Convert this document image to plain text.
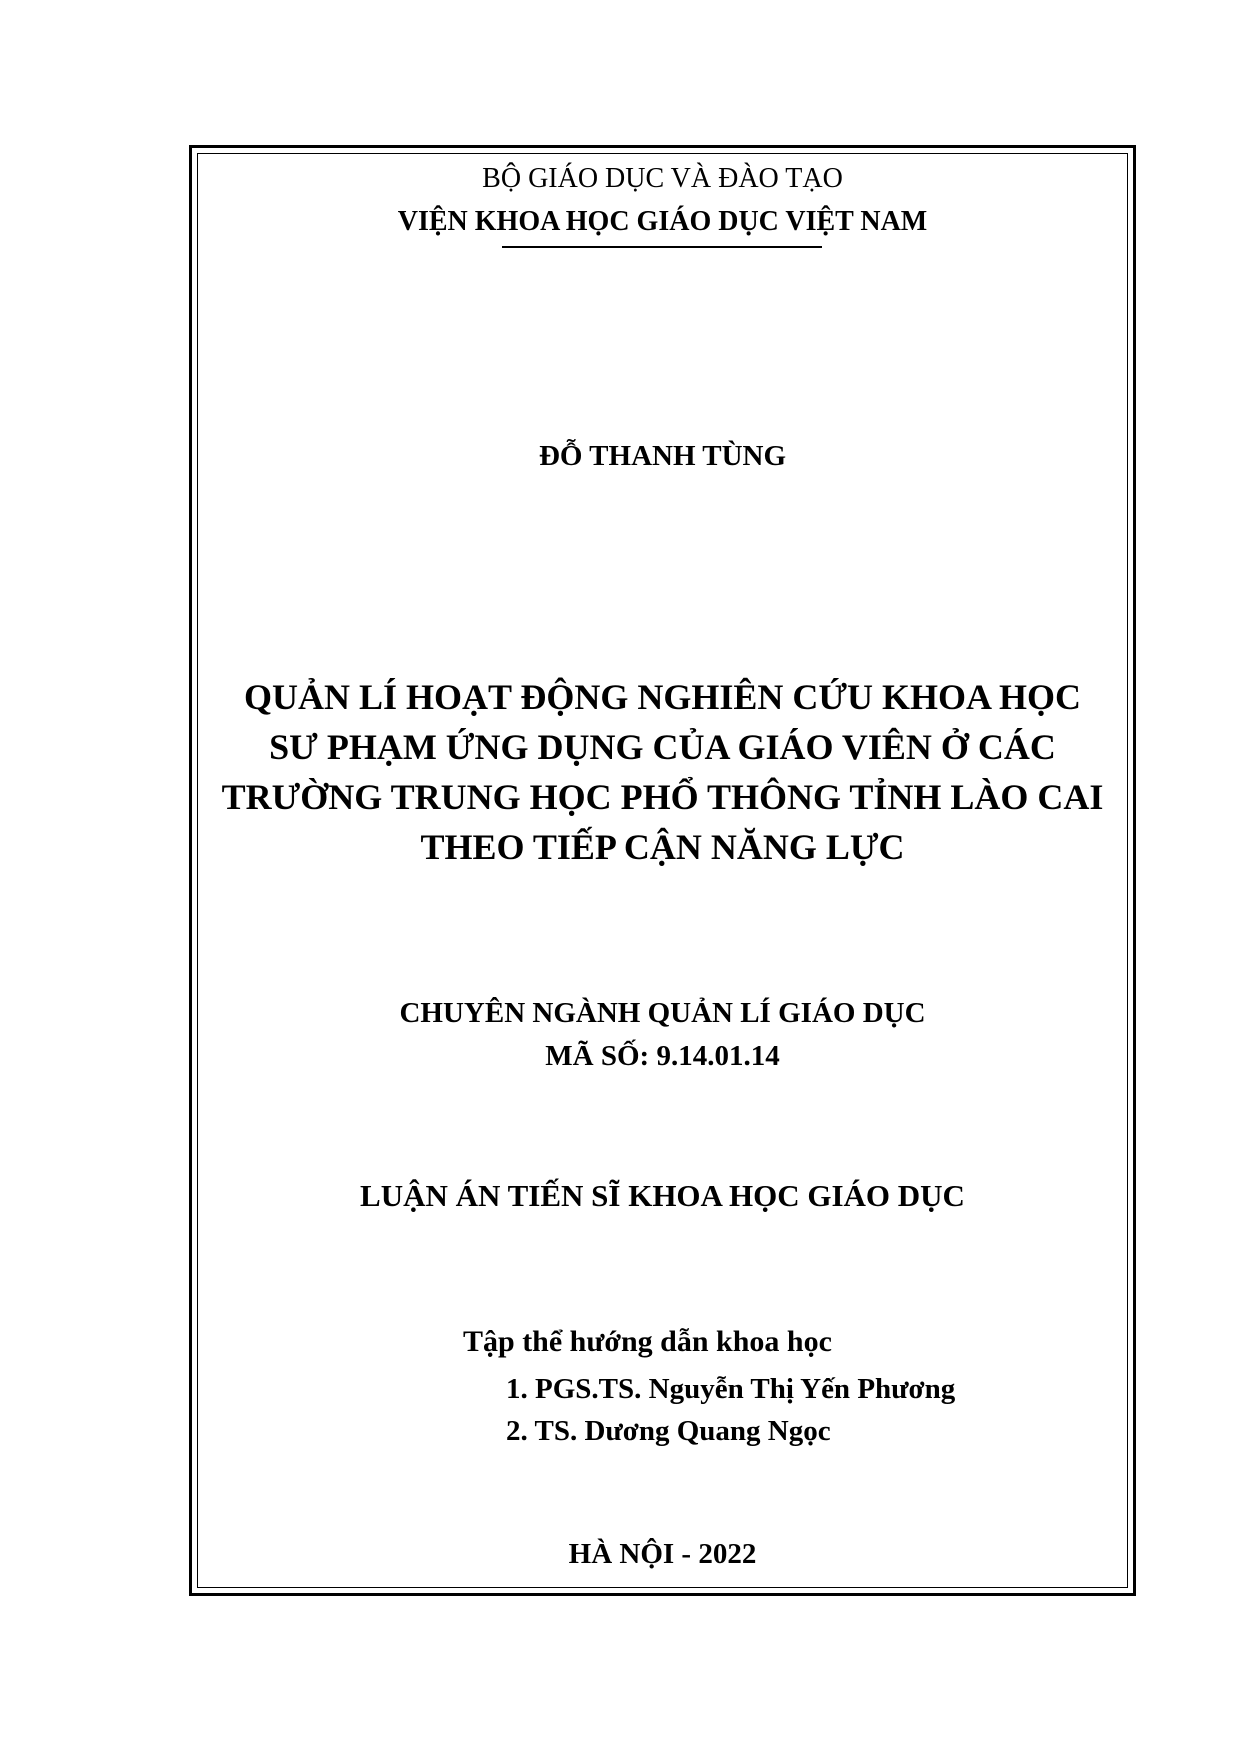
BỘ GIÁO DỤC VÀ ĐÀO TẠO
VIỆN KHOA HỌC GIÁO DỤC VIỆT NAM
ĐỖ THANH TÙNG
QUẢN LÍ HOẠT ĐỘNG NGHIÊN CỨU KHOA HỌC
SƯ PHẠM ỨNG DỤNG CỦA GIÁO VIÊN Ở CÁC
TRƯỜNG TRUNG HỌC PHỔ THÔNG TỈNH LÀO CAI
THEO TIẾP CẬN NĂNG LỰC
CHUYÊN NGÀNH QUẢN LÍ GIÁO DỤC
MÃ SỐ: 9.14.01.14
LUẬN ÁN TIẾN SĨ KHOA HỌC GIÁO DỤC
Tập thể hướng dẫn khoa học
1. PGS.TS. Nguyễn Thị Yến Phương
2. TS. Dương Quang Ngọc
HÀ NỘI - 2022
